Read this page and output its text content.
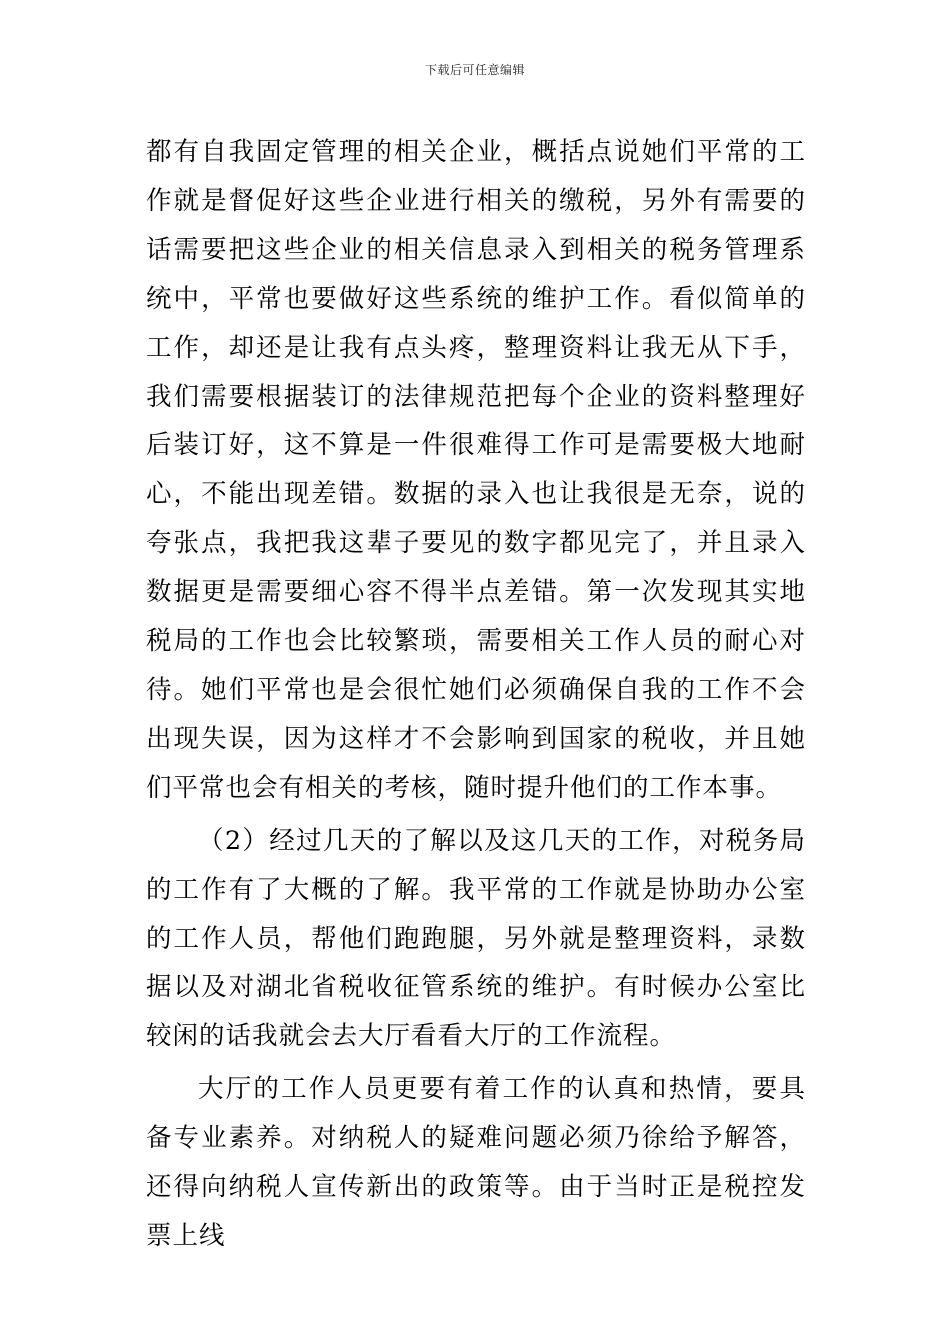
下载后可任意编辑

都有自我固定管理的相关企业，概括点说她们平常的工作就是督促好这些企业进行相关的缴税，另外有需要的话需要把这些企业的相关信息录入到相关的税务管理系统中，平常也要做好这些系统的维护工作。看似简单的工作，却还是让我有点头疼，整理资料让我无从下手，我们需要根据装订的法律规范把每个企业的资料整理好后装订好，这不算是一件很难得工作可是需要极大地耐心，不能出现差错。数据的录入也让我很是无奈，说的夸张点，我把我这辈子要见的数字都见完了，并且录入数据更是需要细心容不得半点差错。第一次发现其实地税局的工作也会比较繁琐，需要相关工作人员的耐心对待。她们平常也是会很忙她们必须确保自我的工作不会出现失误，因为这样才不会影响到国家的税收，并且她们平常也会有相关的考核，随时提升他们的工作本事。

（2）经过几天的了解以及这几天的工作，对税务局的工作有了大概的了解。我平常的工作就是协助办公室的工作人员，帮他们跑跑腿，另外就是整理资料，录数据以及对湖北省税收征管系统的维护。有时候办公室比较闲的话我就会去大厅看看大厅的工作流程。

大厅的工作人员更要有着工作的认真和热情，要具备专业素养。对纳税人的疑难问题必须乃徐给予解答，还得向纳税人宣传新出的政策等。由于当时正是税控发票上线
